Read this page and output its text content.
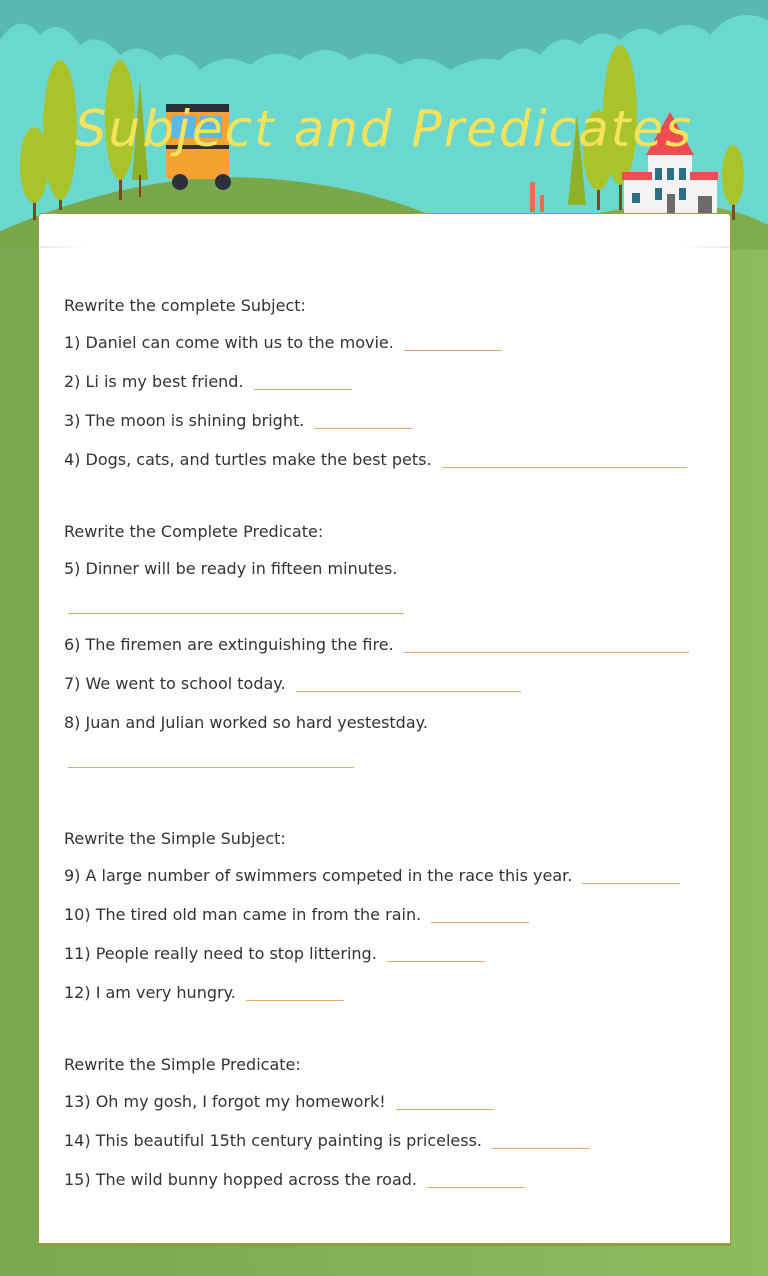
Subject and Predicates
Rewrite the complete Subject:
1) Daniel can come with us to the movie.
2) Li is my best friend.
3) The moon is shining bright.
4) Dogs, cats, and turtles make the best pets.
Rewrite the Complete Predicate:
5) Dinner will be ready in fifteen minutes.
6) The firemen are extinguishing the fire.
7) We went to school today.
8) Juan and Julian worked so hard yestestday.
Rewrite the Simple Subject:
9) A large number of swimmers competed in the race this year.
10) The tired old man came in from the rain.
11) People really need to stop littering.
12) I am very hungry.
Rewrite the Simple Predicate:
13) Oh my gosh, I forgot my homework!
14) This beautiful 15th century painting is priceless.
15) The wild bunny hopped across the road.
